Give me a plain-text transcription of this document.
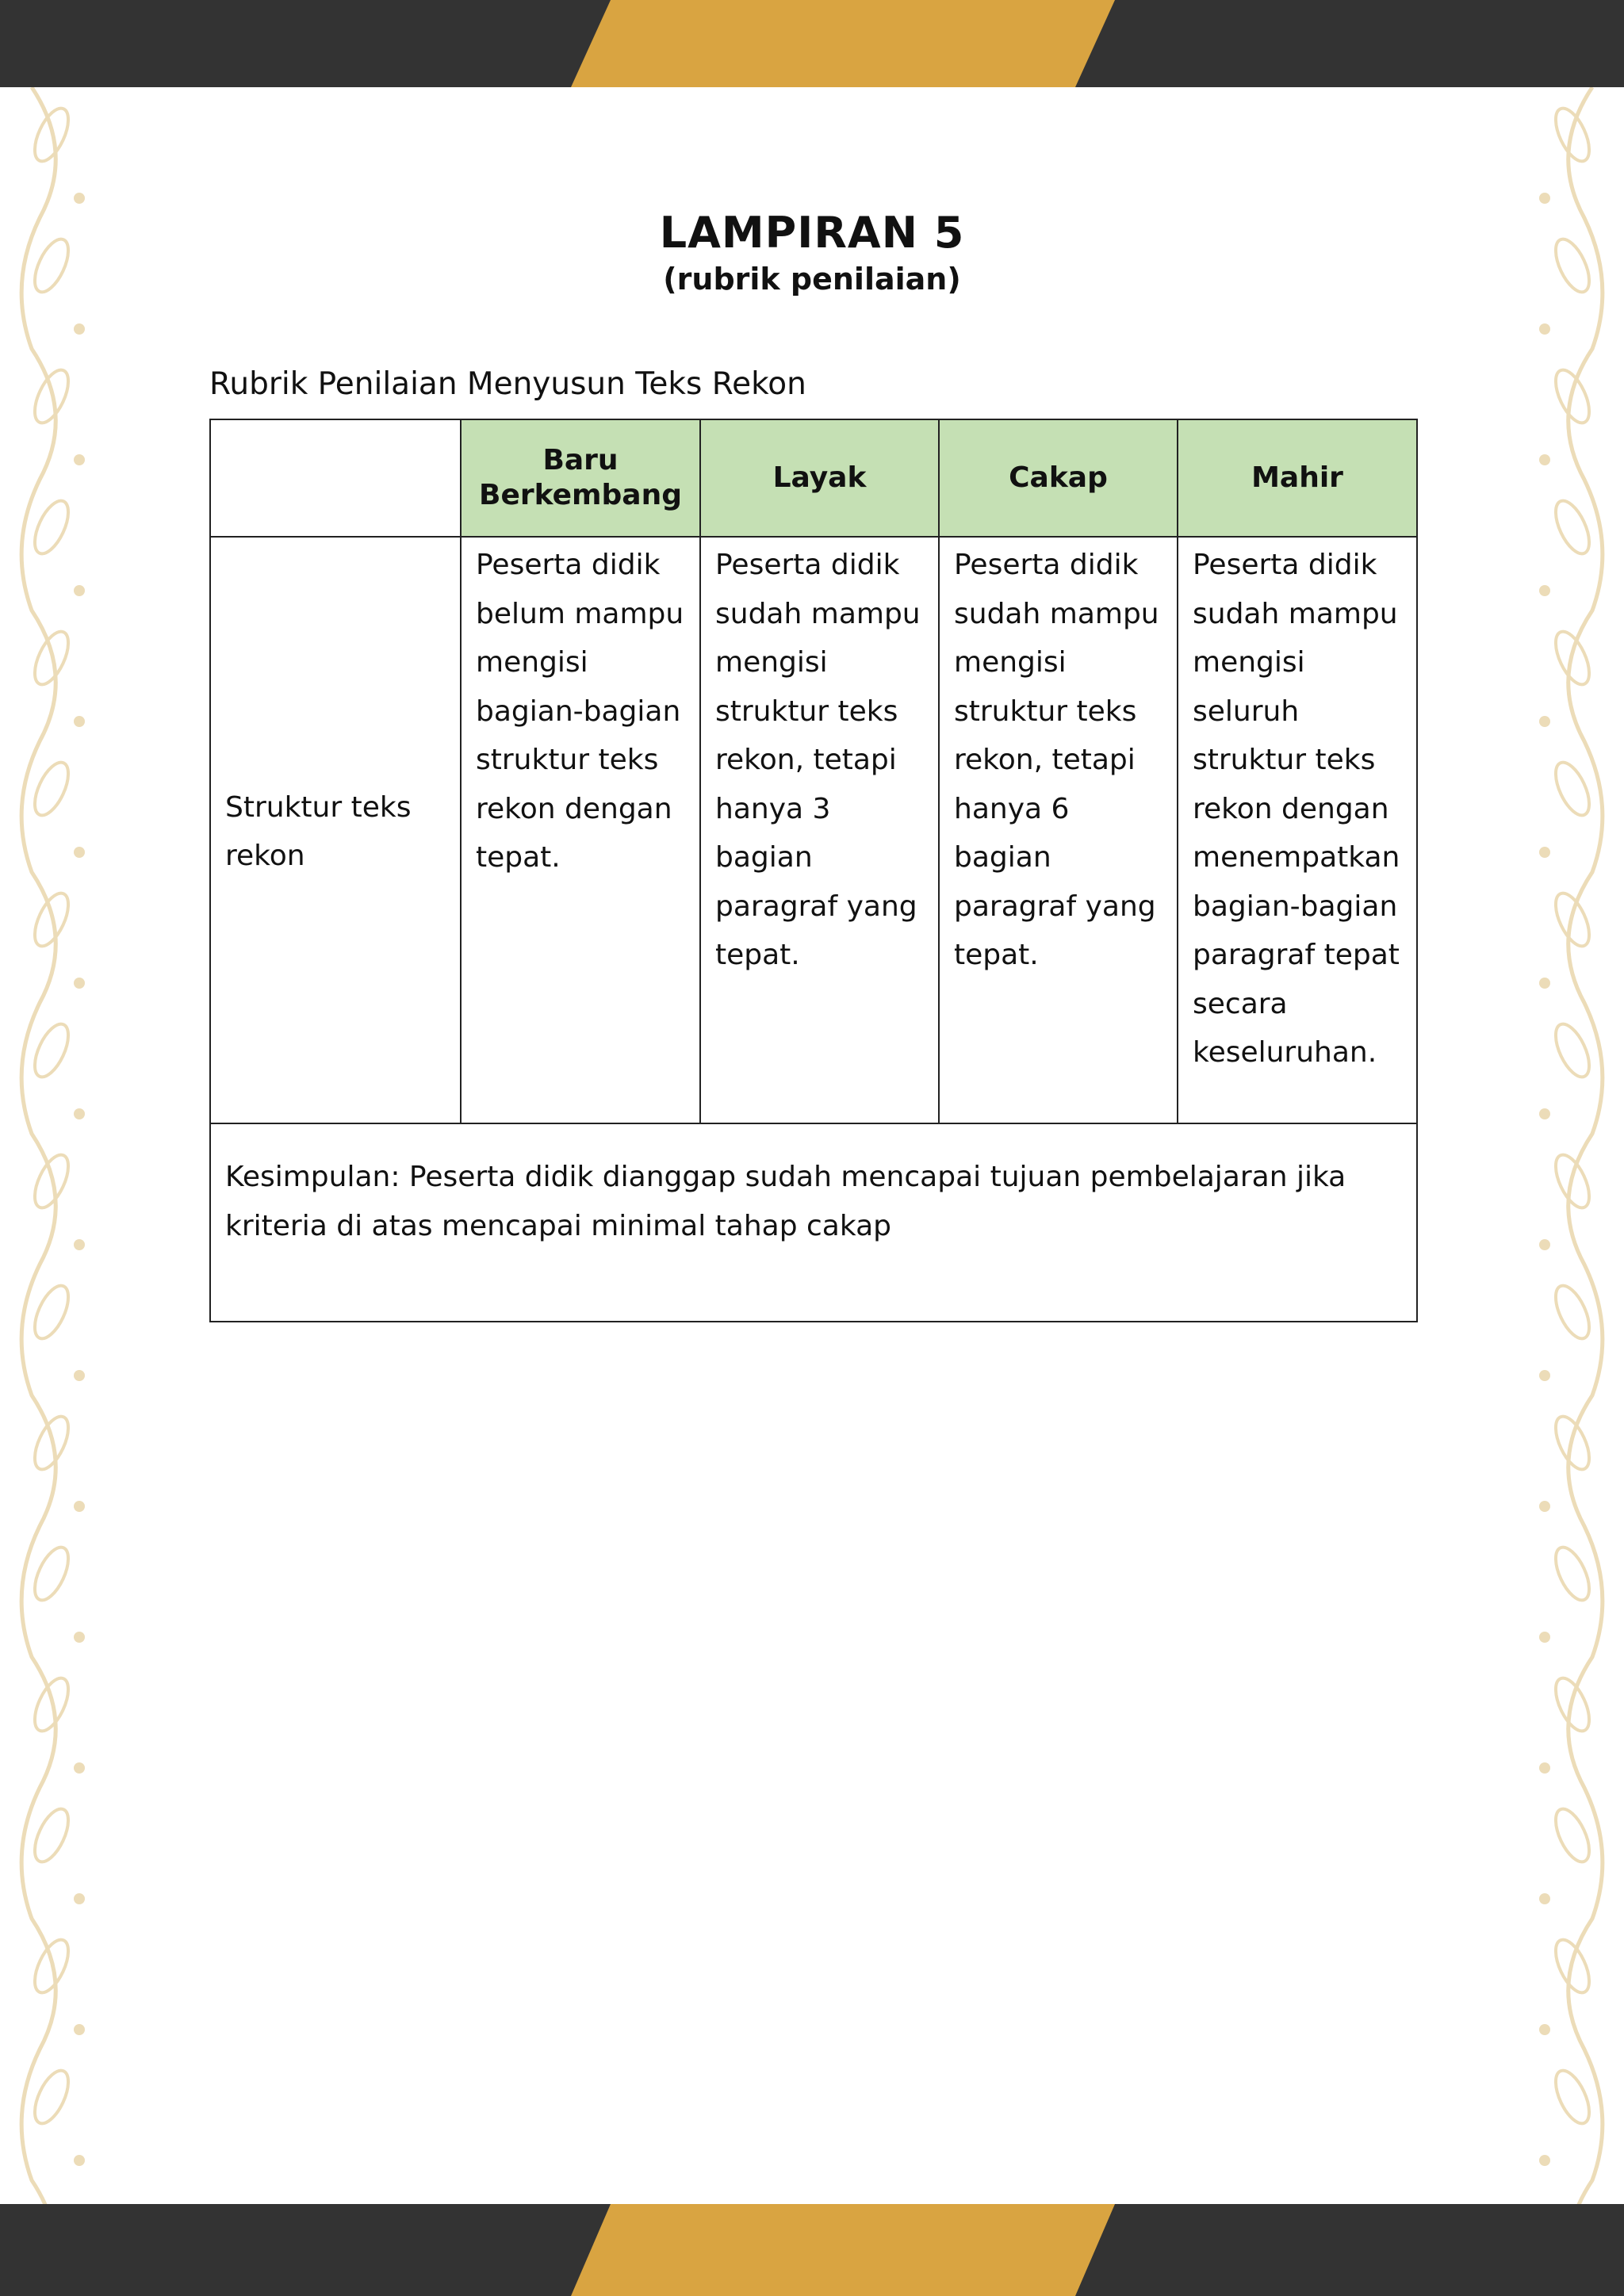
LAMPIRAN 5
(rubrik penilaian)
Rubrik Penilaian Menyusun Teks Rekon
	Baru Berkembang	Layak	Cakap	Mahir
Struktur teks rekon	Peserta didik belum mampu mengisi bagian-bagian struktur teks rekon dengan tepat.	Peserta didik sudah mampu mengisi struktur teks rekon, tetapi hanya 3 bagian paragraf yang tepat.	Peserta didik sudah mampu mengisi struktur teks rekon, tetapi hanya 6 bagian paragraf yang tepat.	Peserta didik sudah mampu mengisi seluruh struktur teks rekon dengan menempatkan bagian-bagian paragraf tepat secara keseluruhan.
Kesimpulan: Peserta didik dianggap sudah mencapai tujuan pembelajaran jika kriteria di atas mencapai minimal tahap cakap				
